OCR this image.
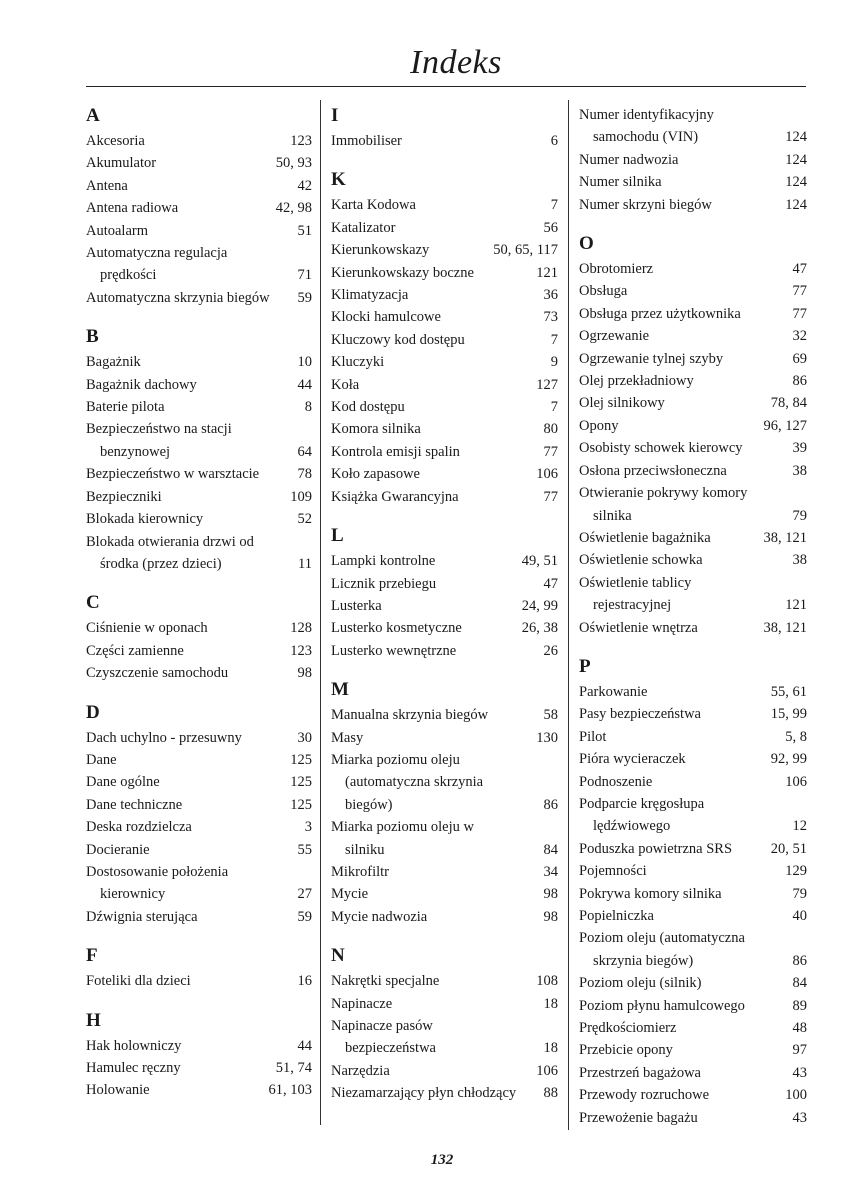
Indeks
A
Akcesoria	123
Akumulator	50, 93
Antena	42
Antena radiowa	42, 98
Autoalarm	51
Automatyczna regulacja
prędkości	71
Automatyczna skrzynia biegów	59
B
Bagażnik	10
Bagażnik dachowy	44
Baterie pilota	8
Bezpieczeństwo na stacji
benzynowej	64
Bezpieczeństwo w warsztacie	78
Bezpieczniki	109
Blokada kierownicy	52
Blokada otwierania drzwi od
środka (przez dzieci)	11
C
Ciśnienie w oponach	128
Części zamienne	123
Czyszczenie samochodu	98
D
Dach uchylno - przesuwny	30
Dane	125
Dane ogólne	125
Dane techniczne	125
Deska rozdzielcza	3
Docieranie	55
Dostosowanie położenia
kierownicy	27
Dźwignia sterująca	59
F
Foteliki dla dzieci	16
H
Hak holowniczy	44
Hamulec ręczny	51, 74
Holowanie	61, 103
I
Immobiliser	6
K
Karta Kodowa	7
Katalizator	56
Kierunkowskazy	50, 65, 117
Kierunkowskazy boczne	121
Klimatyzacja	36
Klocki hamulcowe	73
Kluczowy kod dostępu	7
Kluczyki	9
Koła	127
Kod dostępu	7
Komora silnika	80
Kontrola emisji spalin	77
Koło zapasowe	106
Książka Gwarancyjna	77
L
Lampki kontrolne	49, 51
Licznik przebiegu	47
Lusterka	24, 99
Lusterko kosmetyczne	26, 38
Lusterko wewnętrzne	26
M
Manualna skrzynia biegów	58
Masy	130
Miarka poziomu oleju
(automatyczna skrzynia
biegów)	86
Miarka poziomu oleju w
silniku	84
Mikrofiltr	34
Mycie	98
Mycie nadwozia	98
N
Nakrętki specjalne	108
Napinacze	18
Napinacze pasów
bezpieczeństwa	18
Narzędzia	106
Niezamarzający płyn chłodzący	88
Numer identyfikacyjny
samochodu (VIN)	124
Numer nadwozia	124
Numer silnika	124
Numer skrzyni biegów	124
O
Obrotomierz	47
Obsługa	77
Obsługa przez użytkownika	77
Ogrzewanie	32
Ogrzewanie tylnej szyby	69
Olej przekładniowy	86
Olej silnikowy	78, 84
Opony	96, 127
Osobisty schowek kierowcy	39
Osłona przeciwsłoneczna	38
Otwieranie pokrywy komory
silnika	79
Oświetlenie bagażnika	38, 121
Oświetlenie schowka	38
Oświetlenie tablicy
rejestracyjnej	121
Oświetlenie wnętrza	38, 121
P
Parkowanie	55, 61
Pasy bezpieczeństwa	15, 99
Pilot	5, 8
Pióra wycieraczek	92, 99
Podnoszenie	106
Podparcie kręgosłupa
lędźwiowego	12
Poduszka powietrzna SRS	20, 51
Pojemności	129
Pokrywa komory silnika	79
Popielniczka	40
Poziom oleju (automatyczna
skrzynia biegów)	86
Poziom oleju (silnik)	84
Poziom płynu hamulcowego	89
Prędkościomierz	48
Przebicie opony	97
Przestrzeń bagażowa	43
Przewody rozruchowe	100
Przewożenie bagażu	43
132
